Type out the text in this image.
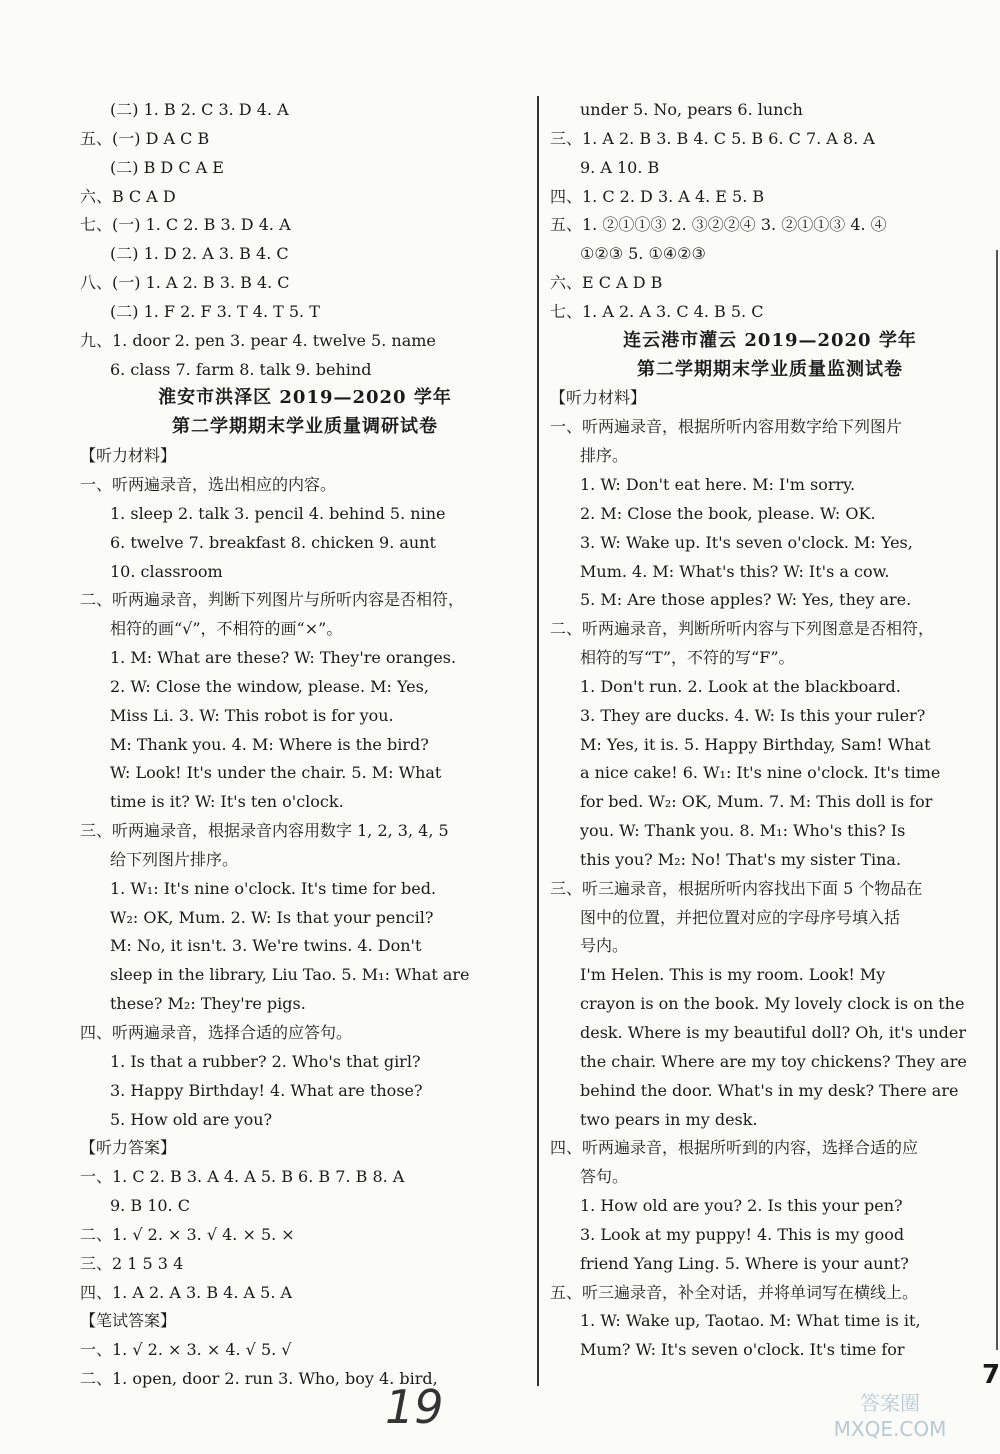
(二) 1. B 2. C 3. D 4. A
五、(一) D A C B
(二) B D C A E
六、B C A D
七、(一) 1. C 2. B 3. D 4. A
(二) 1. D 2. A 3. B 4. C
八、(一) 1. A 2. B 3. B 4. C
(二) 1. F 2. F 3. T 4. T 5. T
九、1. door 2. pen 3. pear 4. twelve 5. name
6. class 7. farm 8. talk 9. behind
淮安市洪泽区 2019—2020 学年
第二学期期末学业质量调研试卷
【听力材料】
一、听两遍录音，选出相应的内容。
1. sleep 2. talk 3. pencil 4. behind 5. nine
6. twelve 7. breakfast 8. chicken 9. aunt
10. classroom
二、听两遍录音，判断下列图片与所听内容是否相符，
相符的画“√”，不相符的画“×”。
1. M: What are these? W: They're oranges.
2. W: Close the window, please. M: Yes,
Miss Li. 3. W: This robot is for you.
M: Thank you. 4. M: Where is the bird?
W: Look! It's under the chair. 5. M: What
time is it? W: It's ten o'clock.
三、听两遍录音，根据录音内容用数字 1, 2, 3, 4, 5
给下列图片排序。
1. W₁: It's nine o'clock. It's time for bed.
W₂: OK, Mum. 2. W: Is that your pencil?
M: No, it isn't. 3. We're twins. 4. Don't
sleep in the library, Liu Tao. 5. M₁: What are
these? M₂: They're pigs.
四、听两遍录音，选择合适的应答句。
1. Is that a rubber? 2. Who's that girl?
3. Happy Birthday! 4. What are those?
5. How old are you?
【听力答案】
一、1. C 2. B 3. A 4. A 5. B 6. B 7. B 8. A
9. B 10. C
二、1. √ 2. × 3. √ 4. × 5. ×
三、2 1 5 3 4
四、1. A 2. A 3. B 4. A 5. A
【笔试答案】
一、1. √ 2. × 3. × 4. √ 5. √
二、1. open, door 2. run 3. Who, boy 4. bird,
under 5. No, pears 6. lunch
三、1. A 2. B 3. B 4. C 5. B 6. C 7. A 8. A
9. A 10. B
四、1. C 2. D 3. A 4. E 5. B
五、1. ②①①③ 2. ③②②④ 3. ②①①③ 4. ④
①②③ 5. ①④②③
六、E C A D B
七、1. A 2. A 3. C 4. B 5. C
连云港市灌云 2019—2020 学年
第二学期期末学业质量监测试卷
【听力材料】
一、听两遍录音，根据所听内容用数字给下列图片
排序。
1. W: Don't eat here. M: I'm sorry.
2. M: Close the book, please. W: OK.
3. W: Wake up. It's seven o'clock. M: Yes,
Mum. 4. M: What's this? W: It's a cow.
5. M: Are those apples? W: Yes, they are.
二、听两遍录音，判断所听内容与下列图意是否相符，
相符的写“T”，不符的写“F”。
1. Don't run. 2. Look at the blackboard.
3. They are ducks. 4. W: Is this your ruler?
M: Yes, it is. 5. Happy Birthday, Sam! What
a nice cake! 6. W₁: It's nine o'clock. It's time
for bed. W₂: OK, Mum. 7. M: This doll is for
you. W: Thank you. 8. M₁: Who's this? Is
this you? M₂: No! That's my sister Tina.
三、听三遍录音，根据所听内容找出下面 5 个物品在
图中的位置，并把位置对应的字母序号填入括
号内。
I'm Helen. This is my room. Look! My
crayon is on the book. My lovely clock is on the
desk. Where is my beautiful doll? Oh, it's under
the chair. Where are my toy chickens? They are
behind the door. What's in my desk? There are
two pears in my desk.
四、听两遍录音，根据所听到的内容，选择合适的应
答句。
1. How old are you? 2. Is this your pen?
3. Look at my puppy! 4. This is my good
friend Yang Ling. 5. Where is your aunt?
五、听三遍录音，补全对话，并将单词写在横线上。
1. W: Wake up, Taotao. M: What time is it,
Mum? W: It's seven o'clock. It's time for
19
7
答案圈 MXQE.COM
